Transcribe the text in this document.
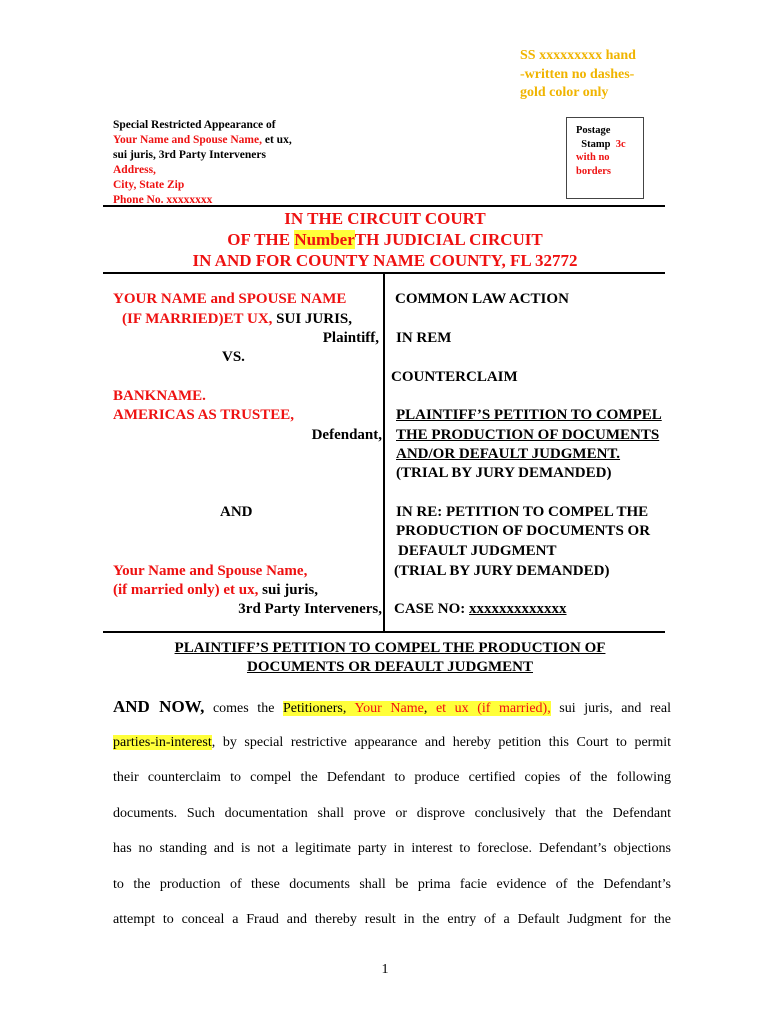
SS xxxxxxxxx hand
-written no dashes-
gold color only
Special Restricted Appearance of
Your Name and Spouse Name, et ux,
sui juris, 3rd Party Interveners
Address,
City, State Zip
Phone No. xxxxxxxx
Postage
Stamp 3c
with no
borders
IN THE CIRCUIT COURT
OF THE NumberTH JUDICIAL CIRCUIT
IN AND FOR COUNTY NAME COUNTY, FL 32772
YOUR NAME and SPOUSE NAME
(IF MARRIED)ET UX, SUI JURIS,
Plaintiff,
VS.
BANKNAME.
AMERICAS AS TRUSTEE,
Defendant,
AND
Your Name and Spouse Name,
(if married only) et ux, sui juris,
3rd Party Interveners,
COMMON LAW ACTION
IN REM
COUNTERCLAIM
PLAINTIFF’S PETITION TO COMPEL
THE PRODUCTION OF DOCUMENTS
AND/OR DEFAULT JUDGMENT.
(TRIAL BY JURY DEMANDED)
IN RE: PETITION TO COMPEL THE
PRODUCTION OF DOCUMENTS OR
DEFAULT JUDGMENT
(TRIAL BY JURY DEMANDED)
CASE NO: xxxxxxxxxxxxx
PLAINTIFF’S PETITION TO COMPEL THE PRODUCTION OF
DOCUMENTS OR DEFAULT JUDGMENT
AND NOW, comes the Petitioners, Your Name, et ux (if married), sui juris, and real
parties-in-interest, by special restrictive appearance and hereby petition this Court to permit
their counterclaim to compel the Defendant to produce certified copies of the following
documents. Such documentation shall prove or disprove conclusively that the Defendant
has no standing and is not a legitimate party in interest to foreclose. Defendant’s objections
to the production of these documents shall be prima facie evidence of the Defendant’s
attempt to conceal a Fraud and thereby result in the entry of a Default Judgment for the
1
